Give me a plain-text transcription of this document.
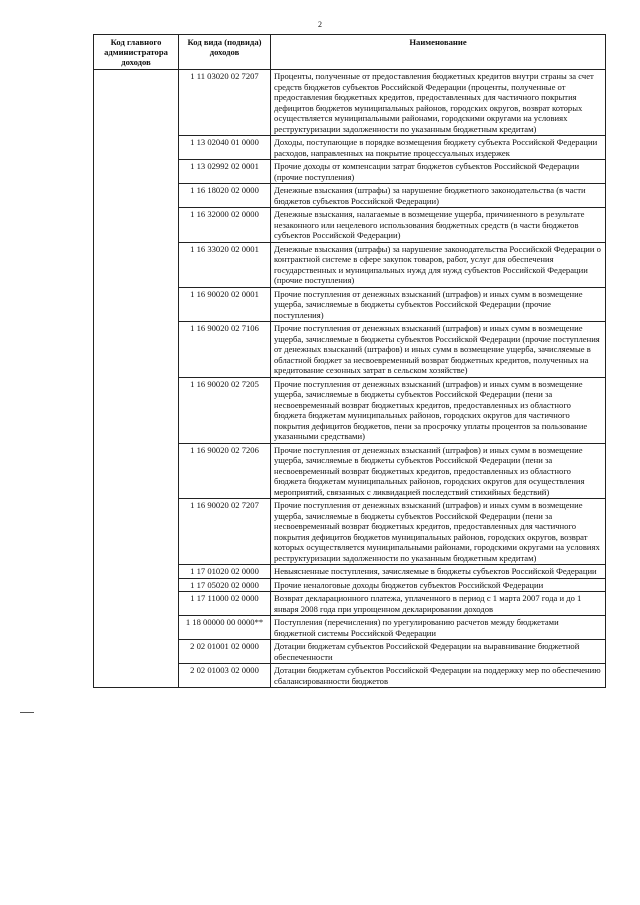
2
Код главного администратора доходов	Код вида (подвида) доходов	Наименование
	1 11 03020 02 7207	Проценты, полученные от предоставления бюджетных кредитов внутри страны за счет средств бюджетов субъектов Российской Федерации (проценты, полученные от предоставления бюджетных кредитов, предоставленных для частичного покрытия дефицитов бюджетов муниципальных районов, городских округов, возврат которых осуществляется муниципальными районами, городскими округами на условиях реструктуризации задолженности по указанным бюджетным кредитам)
	1 13 02040 01 0000	Доходы, поступающие в порядке возмещения бюджету субъекта Российской Федерации расходов, направленных на покрытие процессуальных издержек
	1 13 02992 02 0001	Прочие доходы от компенсации затрат бюджетов субъектов Российской Федерации (прочие поступления)
	1 16 18020 02 0000	Денежные взыскания (штрафы) за нарушение бюджетного законодательства (в части бюджетов субъектов Российской Федерации)
	1 16 32000 02 0000	Денежные взыскания, налагаемые в возмещение ущерба, причиненного в результате незаконного или нецелевого использования бюджетных средств (в части бюджетов субъектов Российской Федерации)
	1 16 33020 02 0001	Денежные взыскания (штрафы) за нарушение законодательства Российской Федерации о контрактной системе в сфере закупок товаров, работ, услуг для обеспечения государственных и муниципальных нужд для нужд субъектов Российской Федерации (прочие поступления)
	1 16 90020 02 0001	Прочие поступления от денежных взысканий (штрафов) и иных сумм в возмещение ущерба, зачисляемые в бюджеты субъектов Российской Федерации (прочие поступления)
	1 16 90020 02 7106	Прочие поступления от денежных взысканий (штрафов) и иных сумм в возмещение ущерба, зачисляемые в бюджеты субъектов Российской Федерации (прочие поступления от денежных взысканий (штрафов) и иных сумм в возмещение ущерба, зачисляемые в областной бюджет за несвоевременный возврат бюджетных кредитов, полученных на кредитование сезонных затрат в сельском хозяйстве)
	1 16 90020 02 7205	Прочие поступления от денежных взысканий (штрафов) и иных сумм в возмещение ущерба, зачисляемые в бюджеты субъектов Российской Федерации (пени за несвоевременный возврат бюджетных кредитов, предоставленных из областного бюджета бюджетам муниципальных районов, городских округов для частичного покрытия дефицитов бюджетов, пени за просрочку уплаты процентов за пользование указанными средствами)
	1 16 90020 02 7206	Прочие поступления от денежных взысканий (штрафов) и иных сумм в возмещение ущерба, зачисляемые в бюджеты субъектов Российской Федерации (пени за несвоевременный возврат бюджетных кредитов, предоставленных из областного бюджета бюджетам муниципальных районов, городских округов для осуществления мероприятий, связанных с ликвидацией последствий стихийных бедствий)
	1 16 90020 02 7207	Прочие поступления от денежных взысканий (штрафов) и иных сумм в возмещение ущерба, зачисляемые в бюджеты субъектов Российской Федерации (пени за несвоевременный возврат бюджетных кредитов, предоставленных для частичного покрытия дефицитов бюджетов муниципальных районов, городских округов, возврат которых осуществляется муниципальными районами, городскими округами на условиях реструктуризации задолженности по указанным бюджетным кредитам)
	1 17 01020 02 0000	Невыясненные поступления, зачисляемые в бюджеты субъектов Российской Федерации
	1 17 05020 02 0000	Прочие неналоговые доходы бюджетов субъектов Российской Федерации
	1 17 11000 02 0000	Возврат декларационного платежа, уплаченного в период с 1 марта 2007 года и до 1 января 2008 года при упрощенном декларировании доходов
	1 18 00000 00 0000**	Поступления (перечисления) по урегулированию расчетов между бюджетами бюджетной системы Российской Федерации
	2 02 01001 02 0000	Дотации бюджетам субъектов Российской Федерации на выравнивание бюджетной обеспеченности
	2 02 01003 02 0000	Дотации бюджетам субъектов Российской Федерации на поддержку мер по обеспечению сбалансированности бюджетов
